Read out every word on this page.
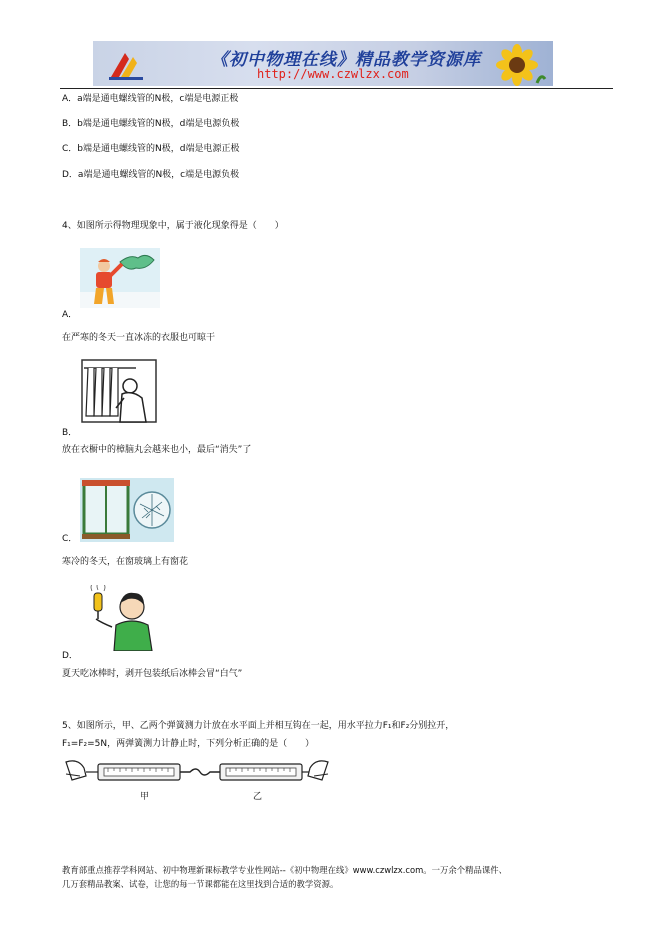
《初中物理在线》精品教学资源库
http://www.czwlzx.com
A．a端是通电螺线管的N极，c端是电源正极
B．b端是通电螺线管的N极，d端是电源负极
C．b端是通电螺线管的N极，d端是电源正极
D．a端是通电螺线管的N极，c端是电源负极
4、如图所示得物理现象中，属于液化现象得是（　　）
A．
在严寒的冬天一直冰冻的衣服也可晾干
B．
放在衣橱中的樟脑丸会越来也小，最后“消失”了
C．
寒冷的冬天，在窗玻璃上有窗花
D．
夏天吃冰棒时，剥开包装纸后冰棒会冒“白气”
5、如图所示，甲、乙两个弹簧测力计放在水平面上并相互钩在一起，用水平拉力F₁和F₂分别拉开，
F₁=F₂=5N，两弹簧测力计静止时，下列分析正确的是（　　）
甲	乙
教育部重点推荐学科网站、初中物理新课标教学专业性网站--《初中物理在线》www.czwlzx.com。一万余个精品课件、
几万套精品教案、试卷，让您的每一节课都能在这里找到合适的教学资源。
